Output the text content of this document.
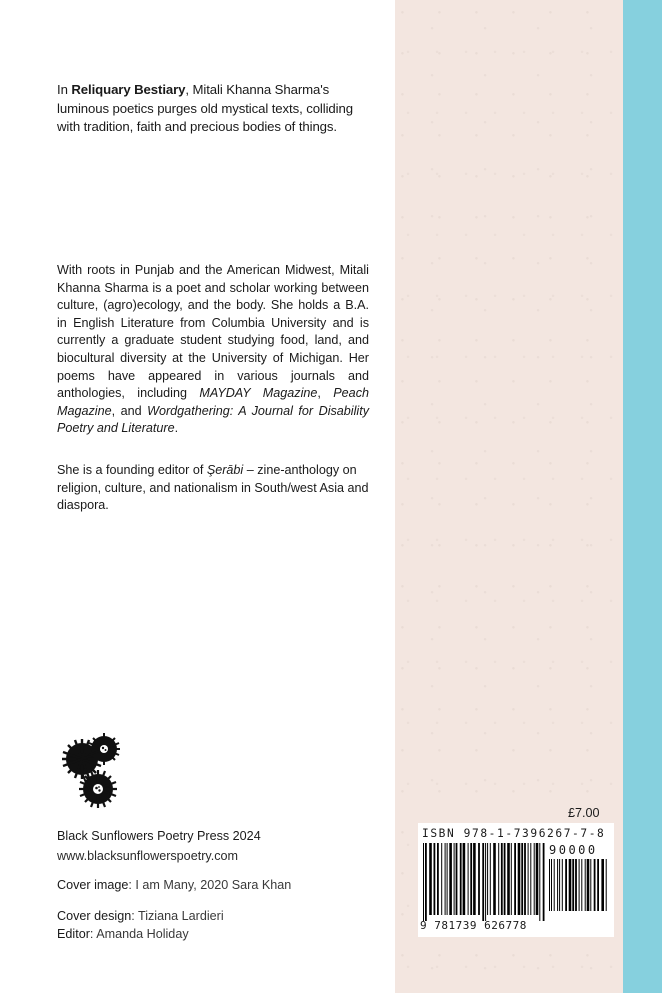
In Reliquary Bestiary, Mitali Khanna Sharma's luminous poetics purges old mystical texts, colliding with tradition, faith and precious bodies of things.

With roots in Punjab and the American Midwest, Mitali Khanna Sharma is a poet and scholar working between culture, (agro)ecology, and the body. She holds a B.A. in English Literature from Columbia University and is currently a graduate student studying food, land, and biocultural diversity at the University of Michigan. Her poems have appeared in various journals and anthologies, including MAYDAY Magazine, Peach Magazine, and Wordgathering: A Journal for Disability Poetry and Literature.

She is a founding editor of Şerābi – zine-anthology on religion, culture, and nationalism in South/west Asia and diaspora.

Black Sunflowers Poetry Press 2024
www.blacksunflowerspoetry.com
Cover image: I am Many, 2020 Sara Khan
Cover design: Tiziana Lardieri
Editor: Amanda Holiday
£7.00
ISBN 978-1-7396267-7-8
90000
9 781739 626778
